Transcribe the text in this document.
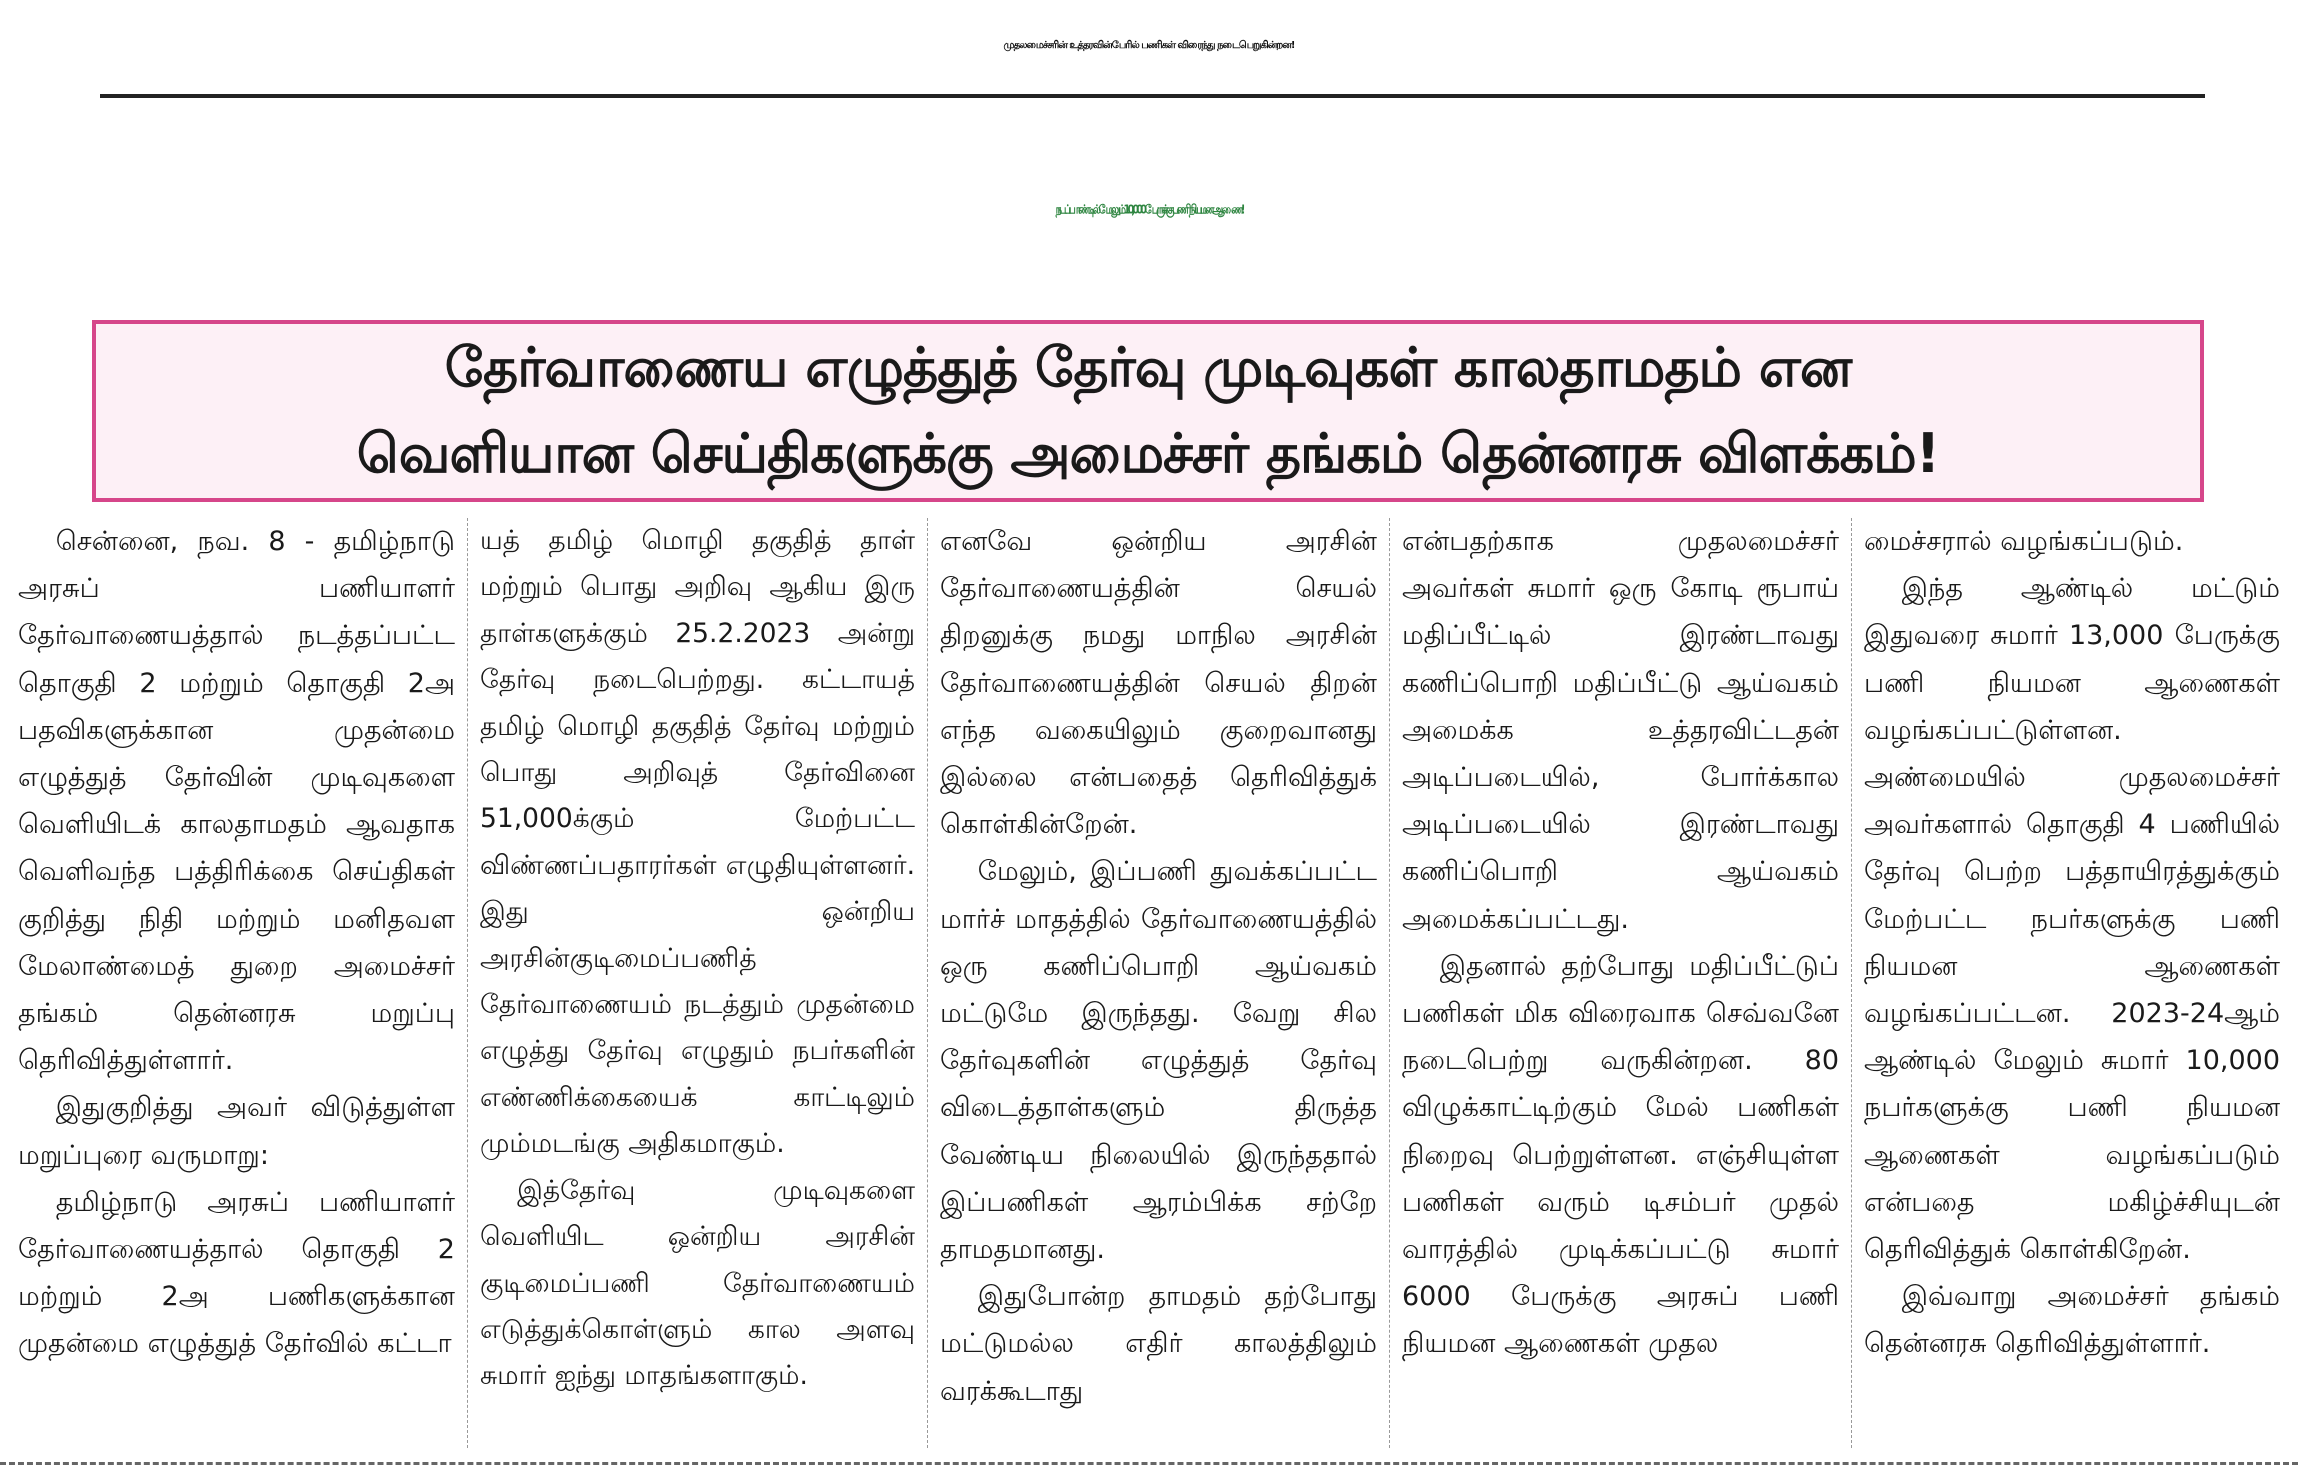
முதலமைச்சரின் உத்தரவின்பேரில் பணிகள் விரைந்து நடைபெறுகின்றன!
நடப்பாண்டில் மேலும் 10,000 பேருக்கு பணி நியமன ஆணை!
தேர்வாணைய எழுத்துத் தேர்வு முடிவுகள் காலதாமதம் என
வெளியான செய்திகளுக்கு அமைச்சர் தங்கம் தென்னரசு விளக்கம்!

சென்னை, நவ. 8 - தமிழ்நாடு அரசுப் பணியாளர் தேர்வாணையத்தால் நடத்தப்பட்ட தொகுதி 2 மற்றும் தொகுதி 2அ பதவிகளுக்கான முதன்மை எழுத்துத் தேர்வின் முடிவுகளை வெளியிடக் காலதாமதம் ஆவதாக வெளிவந்த பத்திரிக்கை செய்திகள் குறித்து நிதி மற்றும் மனிதவள மேலாண்மைத் துறை அமைச்சர் தங்கம் தென்னரசு மறுப்பு தெரிவித்துள்ளார்.

இதுகுறித்து அவர் விடுத்துள்ள மறுப்புரை வருமாறு:

தமிழ்நாடு அரசுப் பணியாளர் தேர்வாணையத்தால் தொகுதி 2 மற்றும் 2அ பணிகளுக்கான முதன்மை எழுத்துத் தேர்வில் கட்டா

யத் தமிழ் மொழி தகுதித் தாள் மற்றும் பொது அறிவு ஆகிய இரு தாள்களுக்கும் 25.2.2023 அன்று தேர்வு நடைபெற்றது. கட்டாயத் தமிழ் மொழி தகுதித் தேர்வு மற்றும் பொது அறிவுத் தேர்வினை 51,000க்கும் மேற்பட்ட விண்ணப்பதாரர்கள் எழுதியுள்ளனர். இது ஒன்றிய அரசின்குடிமைப்பணித் தேர்வாணையம் நடத்தும் முதன்மை எழுத்து தேர்வு எழுதும் நபர்களின் எண்ணிக்கையைக் காட்டிலும் மும்மடங்கு அதிகமாகும்.

இத்தேர்வு முடிவுகளை வெளியிட ஒன்றிய அரசின் குடிமைப்பணி தேர்வாணையம் எடுத்துக்கொள்ளும் கால அளவு சுமார் ஐந்து மாதங்களாகும்.

எனவே ஒன்றிய அரசின் தேர்வாணையத்தின் செயல் திறனுக்கு நமது மாநில அரசின் தேர்வாணையத்தின் செயல் திறன் எந்த வகையிலும் குறைவானது இல்லை என்பதைத் தெரிவித்துக் கொள்கின்றேன்.

மேலும், இப்பணி துவக்கப்பட்ட மார்ச் மாதத்தில் தேர்வாணையத்தில் ஒரு கணிப்பொறி ஆய்வகம் மட்டுமே இருந்தது. வேறு சில தேர்வுகளின் எழுத்துத் தேர்வு விடைத்தாள்களும் திருத்த வேண்டிய நிலையில் இருந்ததால் இப்பணிகள் ஆரம்பிக்க சற்றே தாமதமானது.

இதுபோன்ற தாமதம் தற்போது மட்டுமல்ல எதிர் காலத்திலும் வரக்கூடாது

என்பதற்காக முதலமைச்சர் அவர்கள் சுமார் ஒரு கோடி ரூபாய் மதிப்பீட்டில் இரண்டாவது கணிப்பொறி மதிப்பீட்டு ஆய்வகம் அமைக்க உத்தரவிட்டதன் அடிப்படையில், போர்க்கால அடிப்படையில் இரண்டாவது கணிப்பொறி ஆய்வகம் அமைக்கப்பட்டது.

இதனால் தற்போது மதிப்பீட்டுப் பணிகள் மிக விரைவாக செவ்வனே நடைபெற்று வருகின்றன. 80 விழுக்காட்டிற்கும் மேல் பணிகள் நிறைவு பெற்றுள்ளன. எஞ்சியுள்ள பணிகள் வரும் டிசம்பர் முதல் வாரத்தில் முடிக்கப்பட்டு சுமார் 6000 பேருக்கு அரசுப் பணி நியமன ஆணைகள் முதல

மைச்சரால் வழங்கப்படும்.

இந்த ஆண்டில் மட்டும் இதுவரை சுமார் 13,000 பேருக்கு பணி நியமன ஆணைகள் வழங்கப்பட்டுள்ளன. அண்மையில் முதலமைச்சர் அவர்களால் தொகுதி 4 பணியில் தேர்வு பெற்ற பத்தாயிரத்துக்கும் மேற்பட்ட நபர்களுக்கு பணி நியமன ஆணைகள் வழங்கப்பட்டன. 2023-24ஆம் ஆண்டில் மேலும் சுமார் 10,000 நபர்களுக்கு பணி நியமன ஆணைகள் வழங்கப்படும் என்பதை மகிழ்ச்சியுடன் தெரிவித்துக் கொள்கிறேன்.

இவ்வாறு அமைச்சர் தங்கம் தென்னரசு தெரிவித்துள்ளார்.
